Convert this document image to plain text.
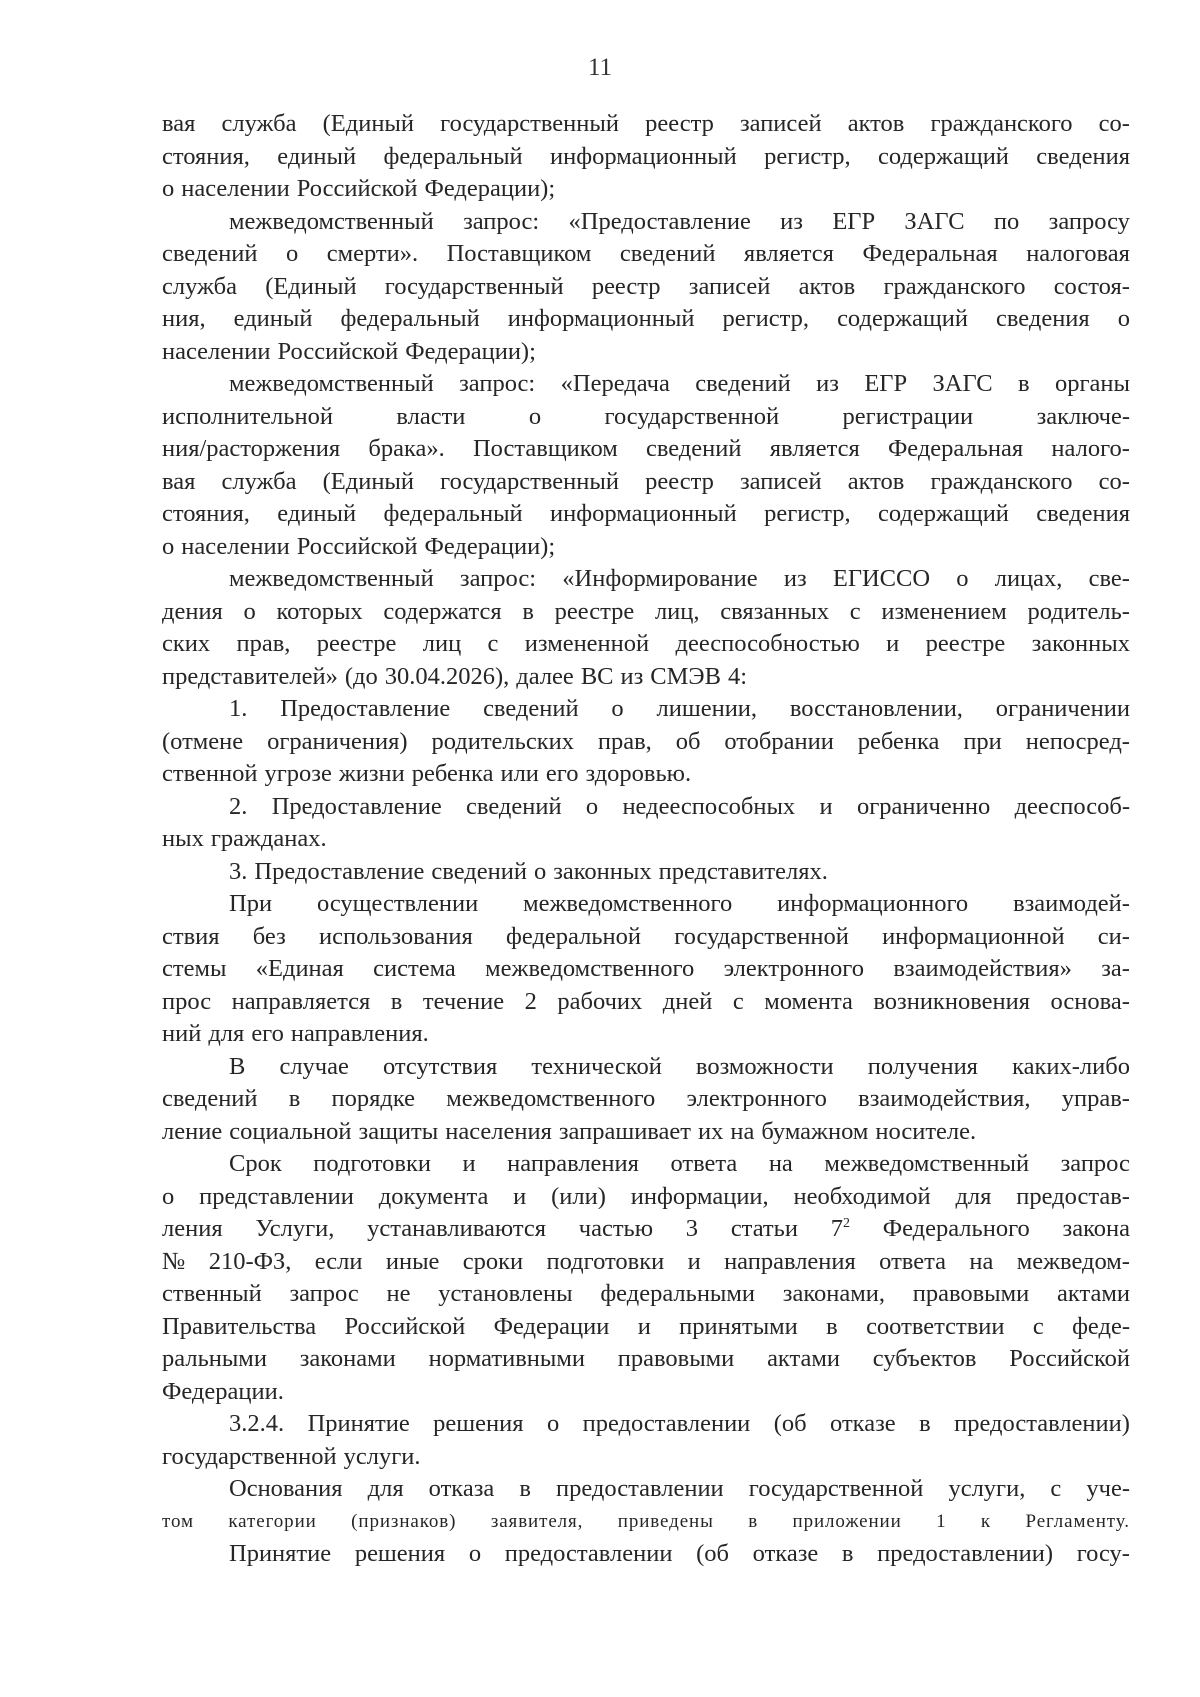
11
вая служба (Единый государственный реестр записей актов гражданского со-
стояния, единый федеральный информационный регистр, содержащий сведения
о населении Российской Федерации);
межведомственный запрос: «Предоставление из ЕГР ЗАГС по запросу
сведений о смерти». Поставщиком сведений является Федеральная налоговая
служба (Единый государственный реестр записей актов гражданского состоя-
ния, единый федеральный информационный регистр, содержащий сведения о
населении Российской Федерации);
межведомственный запрос: «Передача сведений из ЕГР ЗАГС в органы
исполнительной	власти	о	государственной	регистрации	заключе-
ния/расторжения брака». Поставщиком сведений является Федеральная налого-
вая служба (Единый государственный реестр записей актов гражданского со-
стояния, единый федеральный информационный регистр, содержащий сведения
о населении Российской Федерации);
межведомственный запрос: «Информирование из ЕГИССО о лицах, све-
дения о которых содержатся в реестре лиц, связанных с изменением родитель-
ских прав, реестре лиц с измененной дееспособностью и реестре законных
представителей» (до 30.04.2026), далее ВС из СМЭВ 4:
1. Предоставление сведений о лишении, восстановлении, ограничении
(отмене ограничения) родительских прав, об отобрании ребенка при непосред-
ственной угрозе жизни ребенка или его здоровью.
2. Предоставление сведений о недееспособных и ограниченно дееспособ-
ных гражданах.
3. Предоставление сведений о законных представителях.
При осуществлении межведомственного информационного взаимодей-
ствия без использования федеральной государственной информационной си-
стемы «Единая система межведомственного электронного взаимодействия» за-
прос направляется в течение 2 рабочих дней с момента возникновения основа-
ний для его направления.
В случае отсутствия технической возможности получения каких-либо
сведений в порядке межведомственного электронного взаимодействия, управ-
ление социальной защиты населения запрашивает их на бумажном носителе.
Срок подготовки и направления ответа на межведомственный запрос
о представлении документа и (или) информации, необходимой для предостав-
ления Услуги, устанавливаются частью 3 статьи $7^2$ Федерального закона
№ 210-ФЗ, если иные сроки подготовки и направления ответа на межведом-
ственный запрос не установлены федеральными законами, правовыми актами
Правительства Российской Федерации и принятыми в соответствии с феде-
ральными законами нормативными правовыми актами субъектов Российской
Федерации.
3.2.4. Принятие решения о предоставлении (об отказе в предоставлении)
государственной услуги.
Основания для отказа в предоставлении государственной услуги, с уче-
том категории (признаков) заявителя, приведены в приложении 1 к Регламенту.
Принятие решения о предоставлении (об отказе в предоставлении) госу-
